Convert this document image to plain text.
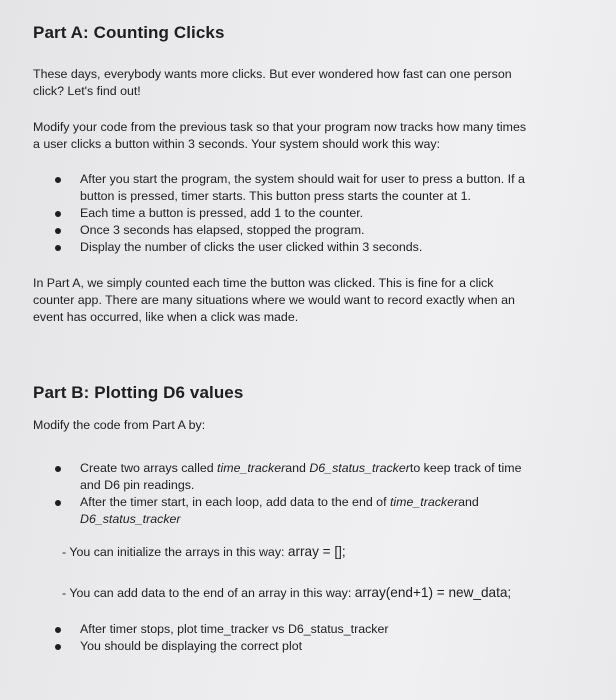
Part A: Counting Clicks
These days, everybody wants more clicks. But ever wondered how fast can one person
click? Let's find out!
Modify your code from the previous task so that your program now tracks how many times
a user clicks a button within 3 seconds. Your system should work this way:
After you start the program, the system should wait for user to press a button. If a
button is pressed, timer starts. This button press starts the counter at 1.
Each time a button is pressed, add 1 to the counter.
Once 3 seconds has elapsed, stopped the program.
Display the number of clicks the user clicked within 3 seconds.
In Part A, we simply counted each time the button was clicked. This is fine for a click
counter app. There are many situations where we would want to record exactly when an
event has occurred, like when a click was made.
Part B: Plotting D6 values
Modify the code from Part A by:
Create two arrays called time_trackerand D6_status_trackerto keep track of time
and D6 pin readings.
After the timer start, in each loop, add data to the end of time_trackerand
D6_status_tracker
- You can initialize the arrays in this way: array = [];
- You can add data to the end of an array in this way: array(end+1) = new_data;
After timer stops, plot time_tracker vs D6_status_tracker
You should be displaying the correct plot
